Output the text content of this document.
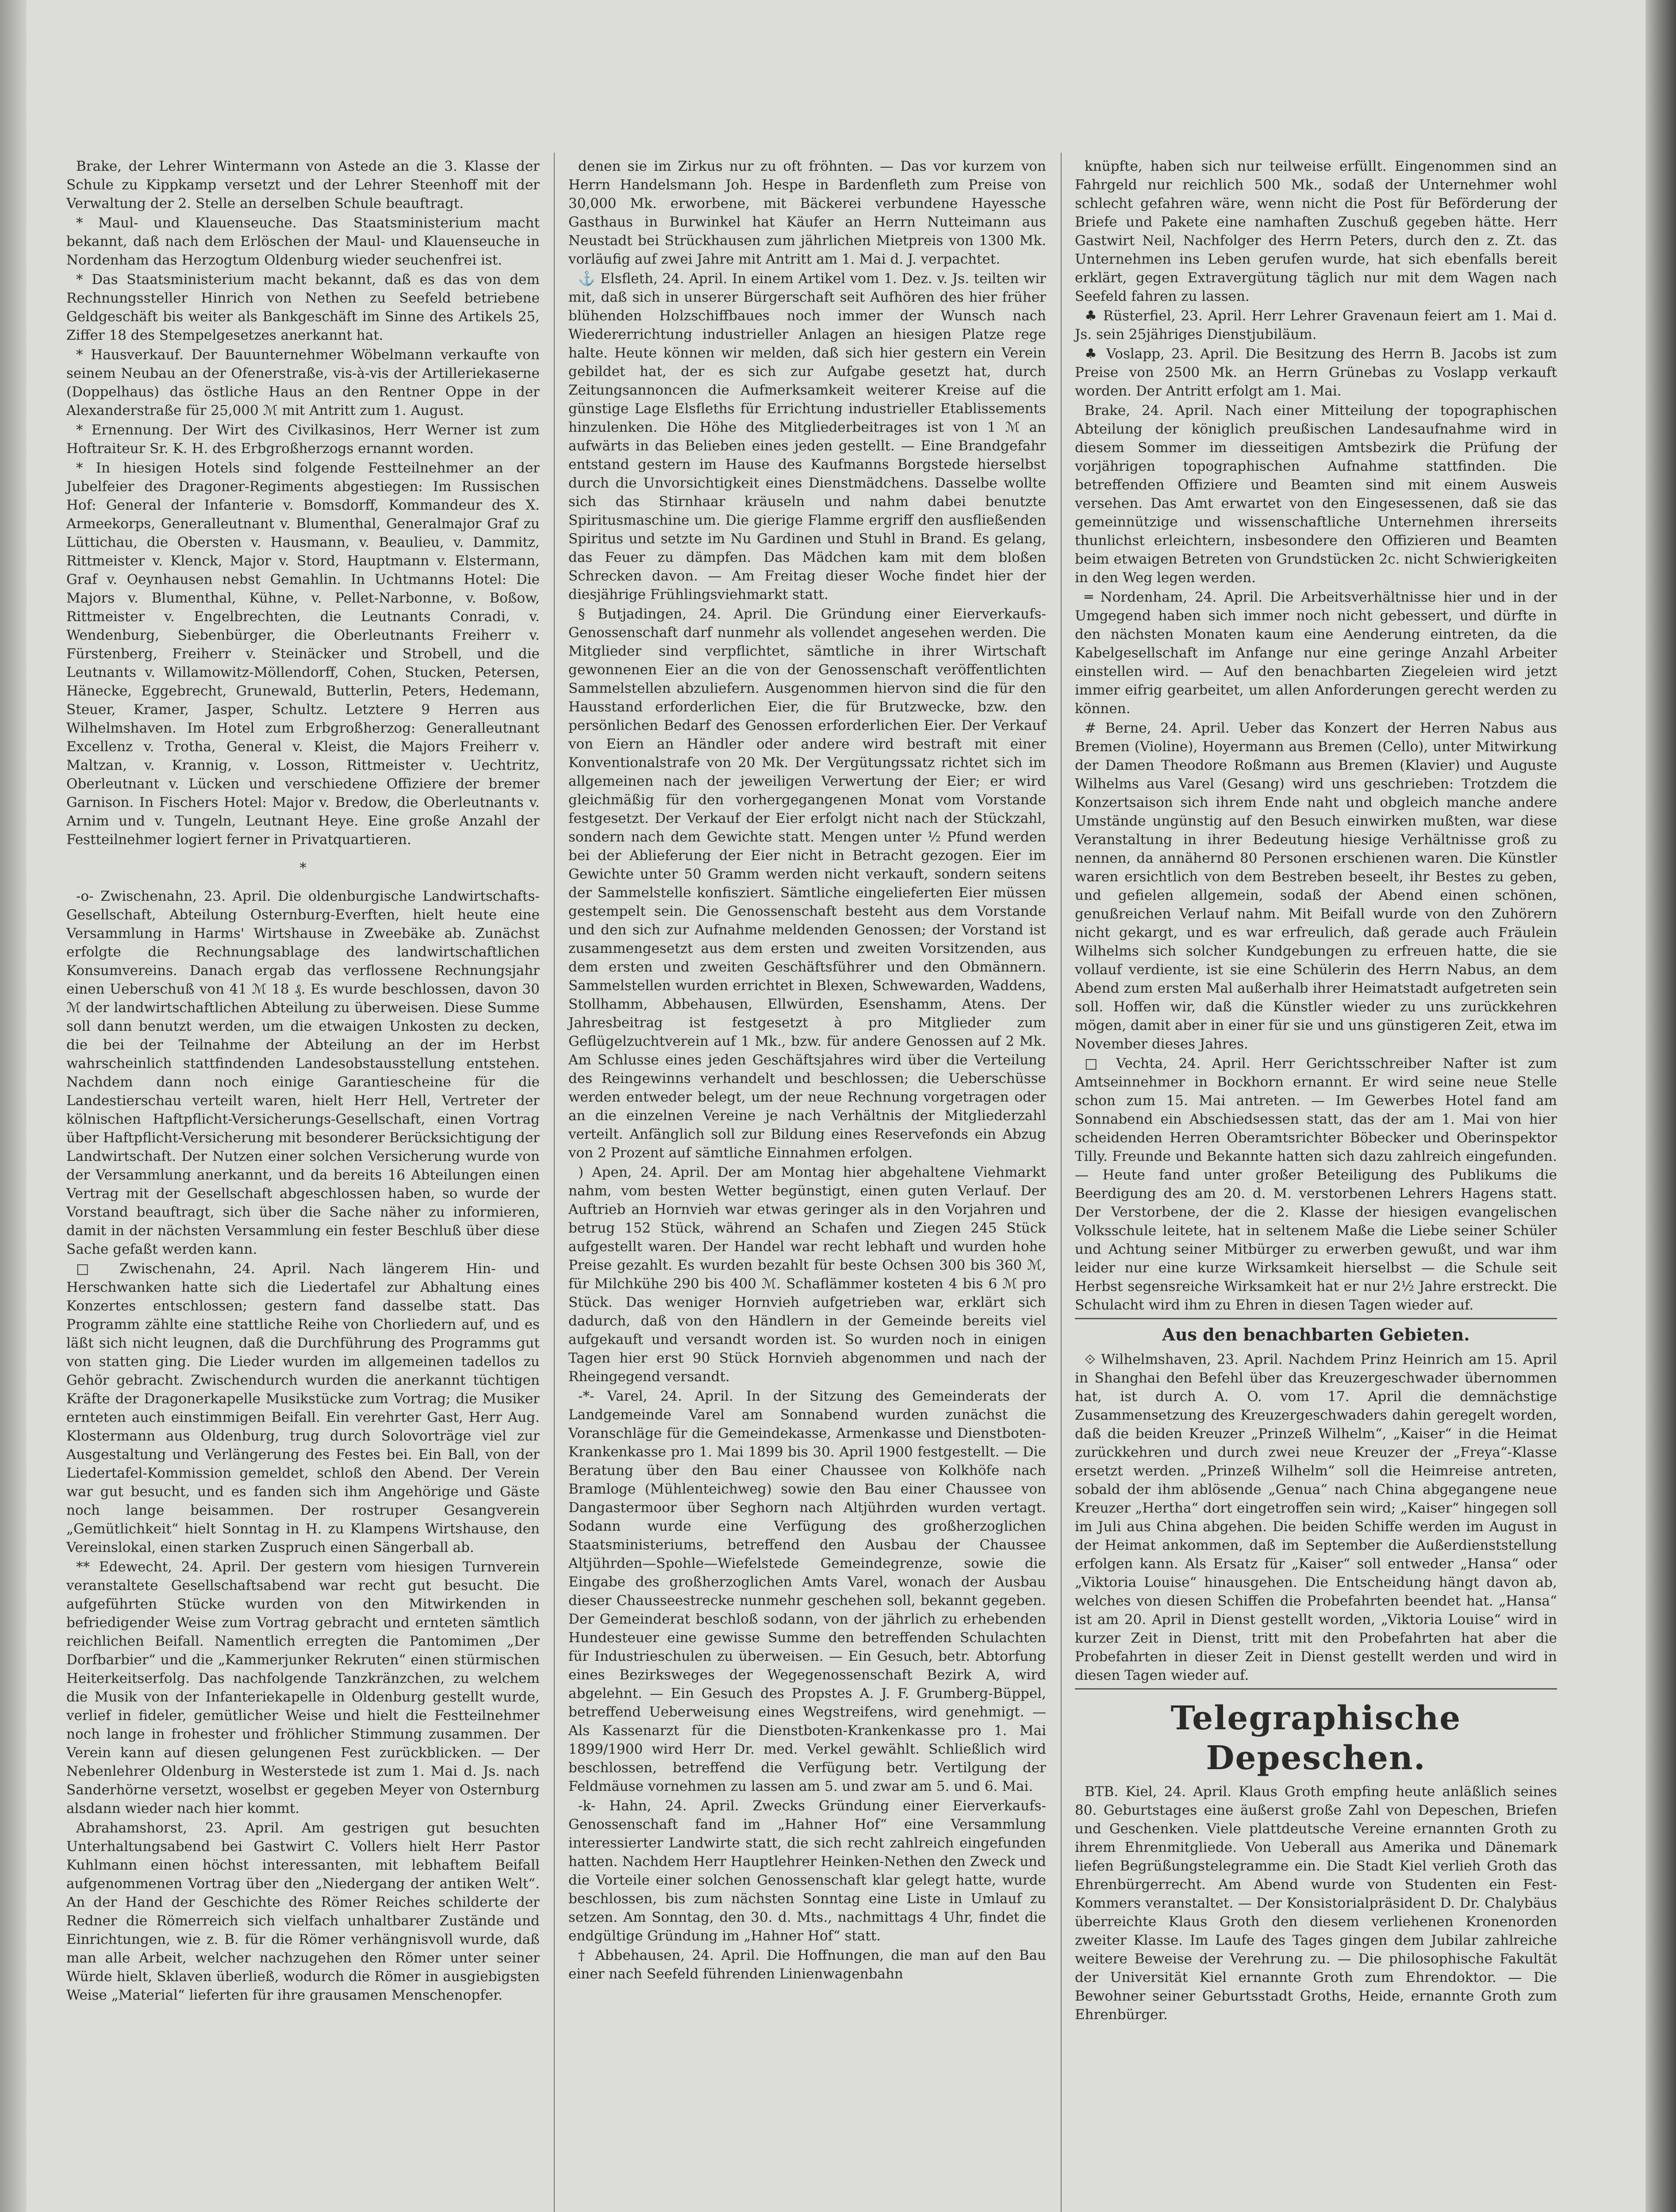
Brake, der Lehrer Wintermann von Astede an die 3. Klasse der Schule zu Kippkamp versetzt und der Lehrer Steenhoff mit der Verwaltung der 2. Stelle an derselben Schule beauftragt.

* Maul- und Klauenseuche. Das Staatsministerium macht bekannt, daß nach dem Erlöschen der Maul- und Klauenseuche in Nordenham das Herzogtum Oldenburg wieder seuchenfrei ist.

* Das Staatsministerium macht bekannt, daß es das von dem Rechnungssteller Hinrich von Nethen zu Seefeld betriebene Geldgeschäft bis weiter als Bankgeschäft im Sinne des Artikels 25, Ziffer 18 des Stempelgesetzes anerkannt hat.

* Hausverkauf. Der Bauunternehmer Wöbelmann verkaufte von seinem Neubau an der Ofenerstraße, vis-à-vis der Artilleriekaserne (Doppelhaus) das östliche Haus an den Rentner Oppe in der Alexanderstraße für 25,000 ℳ mit Antritt zum 1. August.

* Ernennung. Der Wirt des Civilkasinos, Herr Werner ist zum Hoftraiteur Sr. K. H. des Erbgroßherzogs ernannt worden.

* In hiesigen Hotels sind folgende Festteilnehmer an der Jubelfeier des Dragoner-Regiments abgestiegen: Im Russischen Hof: General der Infanterie v. Bomsdorff, Kommandeur des X. Armeekorps, Generalleutnant v. Blumenthal, Generalmajor Graf zu Lüttichau, die Obersten v. Hausmann, v. Beaulieu, v. Dammitz, Rittmeister v. Klenck, Major v. Stord, Hauptmann v. Elstermann, Graf v. Oeynhausen nebst Gemahlin. In Uchtmanns Hotel: Die Majors v. Blumenthal, Kühne, v. Pellet-Narbonne, v. Boßow, Rittmeister v. Engelbrechten, die Leutnants Conradi, v. Wendenburg, Siebenbürger, die Oberleutnants Freiherr v. Fürstenberg, Freiherr v. Steinäcker und Strobell, und die Leutnants v. Willamowitz-Möllendorff, Cohen, Stucken, Petersen, Hänecke, Eggebrecht, Grunewald, Butterlin, Peters, Hedemann, Steuer, Kramer, Jasper, Schultz. Letztere 9 Herren aus Wilhelmshaven. Im Hotel zum Erbgroßherzog: Generalleutnant Excellenz v. Trotha, General v. Kleist, die Majors Freiherr v. Maltzan, v. Krannig, v. Losson, Rittmeister v. Uechtritz, Oberleutnant v. Lücken und verschiedene Offiziere der bremer Garnison. In Fischers Hotel: Major v. Bredow, die Oberleutnants v. Arnim und v. Tungeln, Leutnant Heye. Eine große Anzahl der Festteilnehmer logiert ferner in Privatquartieren.

*

-o- Zwischenahn, 23. April. Die oldenburgische Landwirtschafts-Gesellschaft, Abteilung Osternburg-Everften, hielt heute eine Versammlung in Harms' Wirtshause in Zweebäke ab. Zunächst erfolgte die Rechnungsablage des landwirtschaftlichen Konsumvereins. Danach ergab das verflossene Rechnungsjahr einen Ueberschuß von 41 ℳ 18 ₰. Es wurde beschlossen, davon 30 ℳ der landwirtschaftlichen Abteilung zu überweisen. Diese Summe soll dann benutzt werden, um die etwaigen Unkosten zu decken, die bei der Teilnahme der Abteilung an der im Herbst wahrscheinlich stattfindenden Landesobstausstellung entstehen. Nachdem dann noch einige Garantiescheine für die Landestierschau verteilt waren, hielt Herr Hell, Vertreter der kölnischen Haftpflicht-Versicherungs-Gesellschaft, einen Vortrag über Haftpflicht-Versicherung mit besonderer Berücksichtigung der Landwirtschaft. Der Nutzen einer solchen Versicherung wurde von der Versammlung anerkannt, und da bereits 16 Abteilungen einen Vertrag mit der Gesellschaft abgeschlossen haben, so wurde der Vorstand beauftragt, sich über die Sache näher zu informieren, damit in der nächsten Versammlung ein fester Beschluß über diese Sache gefaßt werden kann.

□ Zwischenahn, 24. April. Nach längerem Hin- und Herschwanken hatte sich die Liedertafel zur Abhaltung eines Konzertes entschlossen; gestern fand dasselbe statt. Das Programm zählte eine stattliche Reihe von Chorliedern auf, und es läßt sich nicht leugnen, daß die Durchführung des Programms gut von statten ging. Die Lieder wurden im allgemeinen tadellos zu Gehör gebracht. Zwischendurch wurden die anerkannt tüchtigen Kräfte der Dragonerkapelle Musikstücke zum Vortrag; die Musiker ernteten auch einstimmigen Beifall. Ein verehrter Gast, Herr Aug. Klostermann aus Oldenburg, trug durch Solovorträge viel zur Ausgestaltung und Verlängerung des Festes bei. Ein Ball, von der Liedertafel-Kommission gemeldet, schloß den Abend. Der Verein war gut besucht, und es fanden sich ihm Angehörige und Gäste noch lange beisammen. Der rostruper Gesangverein „Gemütlichkeit“ hielt Sonntag in H. zu Klampens Wirtshause, den Vereinslokal, einen starken Zuspruch einen Sängerball ab.

** Edewecht, 24. April. Der gestern vom hiesigen Turnverein veranstaltete Gesellschaftsabend war recht gut besucht. Die aufgeführten Stücke wurden von den Mitwirkenden in befriedigender Weise zum Vortrag gebracht und ernteten sämtlich reichlichen Beifall. Namentlich erregten die Pantomimen „Der Dorfbarbier“ und die „Kammerjunker Rekruten“ einen stürmischen Heiterkeitserfolg. Das nachfolgende Tanzkränzchen, zu welchem die Musik von der Infanteriekapelle in Oldenburg gestellt wurde, verlief in fideler, gemütlicher Weise und hielt die Festteilnehmer noch lange in frohester und fröhlicher Stimmung zusammen. Der Verein kann auf diesen gelungenen Fest zurückblicken. — Der Nebenlehrer Oldenburg in Westerstede ist zum 1. Mai d. Js. nach Sanderhörne versetzt, woselbst er gegeben Meyer von Osternburg alsdann wieder nach hier kommt.

Abrahamshorst, 23. April. Am gestrigen gut besuchten Unterhaltungsabend bei Gastwirt C. Vollers hielt Herr Pastor Kuhlmann einen höchst interessanten, mit lebhaftem Beifall aufgenommenen Vortrag über den „Niedergang der antiken Welt“. An der Hand der Geschichte des Römer Reiches schilderte der Redner die Römerreich sich vielfach unhaltbarer Zustände und Einrichtungen, wie z. B. für die Römer verhängnisvoll wurde, daß man alle Arbeit, welcher nachzugehen den Römer unter seiner Würde hielt, Sklaven überließ, wodurch die Römer in ausgiebigsten Weise „Material“ lieferten für ihre grausamen Menschenopfer.

denen sie im Zirkus nur zu oft fröhnten. — Das vor kurzem von Herrn Handelsmann Joh. Hespe in Bardenfleth zum Preise von 30,000 Mk. erworbene, mit Bäckerei verbundene Hayessche Gasthaus in Burwinkel hat Käufer an Herrn Nutteimann aus Neustadt bei Strückhausen zum jährlichen Mietpreis von 1300 Mk. vorläufig auf zwei Jahre mit Antritt am 1. Mai d. J. verpachtet.

⚓ Elsfleth, 24. April. In einem Artikel vom 1. Dez. v. Js. teilten wir mit, daß sich in unserer Bürgerschaft seit Aufhören des hier früher blühenden Holzschiffbaues noch immer der Wunsch nach Wiedererrichtung industrieller Anlagen an hiesigen Platze rege halte. Heute können wir melden, daß sich hier gestern ein Verein gebildet hat, der es sich zur Aufgabe gesetzt hat, durch Zeitungsannoncen die Aufmerksamkeit weiterer Kreise auf die günstige Lage Elsfleths für Errichtung industrieller Etablissements hinzulenken. Die Höhe des Mitgliederbeitrages ist von 1 ℳ an aufwärts in das Belieben eines jeden gestellt. — Eine Brandgefahr entstand gestern im Hause des Kaufmanns Borgstede hierselbst durch die Unvorsichtigkeit eines Dienstmädchens. Dasselbe wollte sich das Stirnhaar kräuseln und nahm dabei benutzte Spiritusmaschine um. Die gierige Flamme ergriff den ausfließenden Spiritus und setzte im Nu Gardinen und Stuhl in Brand. Es gelang, das Feuer zu dämpfen. Das Mädchen kam mit dem bloßen Schrecken davon. — Am Freitag dieser Woche findet hier der diesjährige Frühlingsviehmarkt statt.

§ Butjadingen, 24. April. Die Gründung einer Eierverkaufs-Genossenschaft darf nunmehr als vollendet angesehen werden. Die Mitglieder sind verpflichtet, sämtliche in ihrer Wirtschaft gewonnenen Eier an die von der Genossenschaft veröffentlichten Sammelstellen abzuliefern. Ausgenommen hiervon sind die für den Hausstand erforderlichen Eier, die für Brutzwecke, bzw. den persönlichen Bedarf des Genossen erforderlichen Eier. Der Verkauf von Eiern an Händler oder andere wird bestraft mit einer Konventionalstrafe von 20 Mk. Der Vergütungssatz richtet sich im allgemeinen nach der jeweiligen Verwertung der Eier; er wird gleichmäßig für den vorhergegangenen Monat vom Vorstande festgesetzt. Der Verkauf der Eier erfolgt nicht nach der Stückzahl, sondern nach dem Gewichte statt. Mengen unter ½ Pfund werden bei der Ablieferung der Eier nicht in Betracht gezogen. Eier im Gewichte unter 50 Gramm werden nicht verkauft, sondern seitens der Sammelstelle konfisziert. Sämtliche eingelieferten Eier müssen gestempelt sein. Die Genossenschaft besteht aus dem Vorstande und den sich zur Aufnahme meldenden Genossen; der Vorstand ist zusammengesetzt aus dem ersten und zweiten Vorsitzenden, aus dem ersten und zweiten Geschäftsführer und den Obmännern. Sammelstellen wurden errichtet in Blexen, Schwewarden, Waddens, Stollhamm, Abbehausen, Ellwürden, Esenshamm, Atens. Der Jahresbeitrag ist festgesetzt à pro Mitglieder zum Geflügelzuchtverein auf 1 Mk., bzw. für andere Genossen auf 2 Mk. Am Schlusse eines jeden Geschäftsjahres wird über die Verteilung des Reingewinns verhandelt und beschlossen; die Ueberschüsse werden entweder belegt, um der neue Rechnung vorgetragen oder an die einzelnen Vereine je nach Verhältnis der Mitgliederzahl verteilt. Anfänglich soll zur Bildung eines Reservefonds ein Abzug von 2 Prozent auf sämtliche Einnahmen erfolgen.

) Apen, 24. April. Der am Montag hier abgehaltene Viehmarkt nahm, vom besten Wetter begünstigt, einen guten Verlauf. Der Auftrieb an Hornvieh war etwas geringer als in den Vorjahren und betrug 152 Stück, während an Schafen und Ziegen 245 Stück aufgestellt waren. Der Handel war recht lebhaft und wurden hohe Preise gezahlt. Es wurden bezahlt für beste Ochsen 300 bis 360 ℳ, für Milchkühe 290 bis 400 ℳ. Schaflämmer kosteten 4 bis 6 ℳ pro Stück. Das weniger Hornvieh aufgetrieben war, erklärt sich dadurch, daß von den Händlern in der Gemeinde bereits viel aufgekauft und versandt worden ist. So wurden noch in einigen Tagen hier erst 90 Stück Hornvieh abgenommen und nach der Rheingegend versandt.

-*- Varel, 24. April. In der Sitzung des Gemeinderats der Landgemeinde Varel am Sonnabend wurden zunächst die Voranschläge für die Gemeindekasse, Armenkasse und Dienstboten-Krankenkasse pro 1. Mai 1899 bis 30. April 1900 festgestellt. — Die Beratung über den Bau einer Chaussee von Kolkhöfe nach Bramloge (Mühlenteichweg) sowie den Bau einer Chaussee von Dangastermoor über Seghorn nach Altjührden wurden vertagt. Sodann wurde eine Verfügung des großherzoglichen Staatsministeriums, betreffend den Ausbau der Chaussee Altjührden—Spohle—Wiefelstede Gemeindegrenze, sowie die Eingabe des großherzoglichen Amts Varel, wonach der Ausbau dieser Chausseestrecke nunmehr geschehen soll, bekannt gegeben. Der Gemeinderat beschloß sodann, von der jährlich zu erhebenden Hundesteuer eine gewisse Summe den betreffenden Schulachten für Industrieschulen zu überweisen. — Ein Gesuch, betr. Abtorfung eines Bezirksweges der Wegegenossenschaft Bezirk A, wird abgelehnt. — Ein Gesuch des Propstes A. J. F. Grumberg-Büppel, betreffend Ueberweisung eines Wegstreifens, wird genehmigt. — Als Kassenarzt für die Dienstboten-Krankenkasse pro 1. Mai 1899/1900 wird Herr Dr. med. Verkel gewählt. Schließlich wird beschlossen, betreffend die Verfügung betr. Vertilgung der Feldmäuse vornehmen zu lassen am 5. und zwar am 5. und 6. Mai.

-k- Hahn, 24. April. Zwecks Gründung einer Eierverkaufs-Genossenschaft fand im „Hahner Hof“ eine Versammlung interessierter Landwirte statt, die sich recht zahlreich eingefunden hatten. Nachdem Herr Hauptlehrer Heinken-Nethen den Zweck und die Vorteile einer solchen Genossenschaft klar gelegt hatte, wurde beschlossen, bis zum nächsten Sonntag eine Liste in Umlauf zu setzen. Am Sonntag, den 30. d. Mts., nachmittags 4 Uhr, findet die endgültige Gründung im „Hahner Hof“ statt.

† Abbehausen, 24. April. Die Hoffnungen, die man auf den Bau einer nach Seefeld führenden Linienwagenbahn

knüpfte, haben sich nur teilweise erfüllt. Eingenommen sind an Fahrgeld nur reichlich 500 Mk., sodaß der Unternehmer wohl schlecht gefahren wäre, wenn nicht die Post für Beförderung der Briefe und Pakete eine namhaften Zuschuß gegeben hätte. Herr Gastwirt Neil, Nachfolger des Herrn Peters, durch den z. Zt. das Unternehmen ins Leben gerufen wurde, hat sich ebenfalls bereit erklärt, gegen Extravergütung täglich nur mit dem Wagen nach Seefeld fahren zu lassen.

♣ Rüsterfiel, 23. April. Herr Lehrer Gravenaun feiert am 1. Mai d. Js. sein 25jähriges Dienstjubiläum.

♣ Voslapp, 23. April. Die Besitzung des Herrn B. Jacobs ist zum Preise von 2500 Mk. an Herrn Grünebas zu Voslapp verkauft worden. Der Antritt erfolgt am 1. Mai.

Brake, 24. April. Nach einer Mitteilung der topographischen Abteilung der königlich preußischen Landesaufnahme wird in diesem Sommer im diesseitigen Amtsbezirk die Prüfung der vorjährigen topographischen Aufnahme stattfinden. Die betreffenden Offiziere und Beamten sind mit einem Ausweis versehen. Das Amt erwartet von den Eingesessenen, daß sie das gemeinnützige und wissenschaftliche Unternehmen ihrerseits thunlichst erleichtern, insbesondere den Offizieren und Beamten beim etwaigen Betreten von Grundstücken 2c. nicht Schwierigkeiten in den Weg legen werden.

═ Nordenham, 24. April. Die Arbeitsverhältnisse hier und in der Umgegend haben sich immer noch nicht gebessert, und dürfte in den nächsten Monaten kaum eine Aenderung eintreten, da die Kabelgesellschaft im Anfange nur eine geringe Anzahl Arbeiter einstellen wird. — Auf den benachbarten Ziegeleien wird jetzt immer eifrig gearbeitet, um allen Anforderungen gerecht werden zu können.

# Berne, 24. April. Ueber das Konzert der Herren Nabus aus Bremen (Violine), Hoyermann aus Bremen (Cello), unter Mitwirkung der Damen Theodore Roßmann aus Bremen (Klavier) und Auguste Wilhelms aus Varel (Gesang) wird uns geschrieben: Trotzdem die Konzertsaison sich ihrem Ende naht und obgleich manche andere Umstände ungünstig auf den Besuch einwirken mußten, war diese Veranstaltung in ihrer Bedeutung hiesige Verhältnisse groß zu nennen, da annähernd 80 Personen erschienen waren. Die Künstler waren ersichtlich von dem Bestreben beseelt, ihr Bestes zu geben, und gefielen allgemein, sodaß der Abend einen schönen, genußreichen Verlauf nahm. Mit Beifall wurde von den Zuhörern nicht gekargt, und es war erfreulich, daß gerade auch Fräulein Wilhelms sich solcher Kundgebungen zu erfreuen hatte, die sie vollauf verdiente, ist sie eine Schülerin des Herrn Nabus, an dem Abend zum ersten Mal außerhalb ihrer Heimatstadt aufgetreten sein soll. Hoffen wir, daß die Künstler wieder zu uns zurückkehren mögen, damit aber in einer für sie und uns günstigeren Zeit, etwa im November dieses Jahres.

□ Vechta, 24. April. Herr Gerichtsschreiber Nafter ist zum Amtseinnehmer in Bockhorn ernannt. Er wird seine neue Stelle schon zum 15. Mai antreten. — Im Gewerbes Hotel fand am Sonnabend ein Abschiedsessen statt, das der am 1. Mai von hier scheidenden Herren Oberamtsrichter Böbecker und Oberinspektor Tilly. Freunde und Bekannte hatten sich dazu zahlreich eingefunden. — Heute fand unter großer Beteiligung des Publikums die Beerdigung des am 20. d. M. verstorbenen Lehrers Hagens statt. Der Verstorbene, der die 2. Klasse der hiesigen evangelischen Volksschule leitete, hat in seltenem Maße die Liebe seiner Schüler und Achtung seiner Mitbürger zu erwerben gewußt, und war ihm leider nur eine kurze Wirksamkeit hierselbst — die Schule seit Herbst segensreiche Wirksamkeit hat er nur 2½ Jahre erstreckt. Die Schulacht wird ihm zu Ehren in diesen Tagen wieder auf.

Aus den benachbarten Gebieten.

⟐ Wilhelmshaven, 23. April. Nachdem Prinz Heinrich am 15. April in Shanghai den Befehl über das Kreuzergeschwader übernommen hat, ist durch A. O. vom 17. April die demnächstige Zusammensetzung des Kreuzergeschwaders dahin geregelt worden, daß die beiden Kreuzer „Prinzeß Wilhelm“, „Kaiser“ in die Heimat zurückkehren und durch zwei neue Kreuzer der „Freya“-Klasse ersetzt werden. „Prinzeß Wilhelm“ soll die Heimreise antreten, sobald der ihm ablösende „Genua“ nach China abgegangene neue Kreuzer „Hertha“ dort eingetroffen sein wird; „Kaiser“ hingegen soll im Juli aus China abgehen. Die beiden Schiffe werden im August in der Heimat ankommen, daß im September die Außerdienststellung erfolgen kann. Als Ersatz für „Kaiser“ soll entweder „Hansa“ oder „Viktoria Louise“ hinausgehen. Die Entscheidung hängt davon ab, welches von diesen Schiffen die Probefahrten beendet hat. „Hansa“ ist am 20. April in Dienst gestellt worden, „Viktoria Louise“ wird in kurzer Zeit in Dienst, tritt mit den Probefahrten hat aber die Probefahrten in dieser Zeit in Dienst gestellt werden und wird in diesen Tagen wieder auf.

Telegraphische Depeschen.

BTB. Kiel, 24. April. Klaus Groth empfing heute anläßlich seines 80. Geburtstages eine äußerst große Zahl von Depeschen, Briefen und Geschenken. Viele plattdeutsche Vereine ernannten Groth zu ihrem Ehrenmitgliede. Von Ueberall aus Amerika und Dänemark liefen Begrüßungstelegramme ein. Die Stadt Kiel verlieh Groth das Ehrenbürgerrecht. Am Abend wurde von Studenten ein Fest-Kommers veranstaltet. — Der Konsistorialpräsident D. Dr. Chalybäus überreichte Klaus Groth den diesem verliehenen Kronenorden zweiter Klasse. Im Laufe des Tages gingen dem Jubilar zahlreiche weitere Beweise der Verehrung zu. — Die philosophische Fakultät der Universität Kiel ernannte Groth zum Ehrendoktor. — Die Bewohner seiner Geburtsstadt Groths, Heide, ernannte Groth zum Ehrenbürger.
